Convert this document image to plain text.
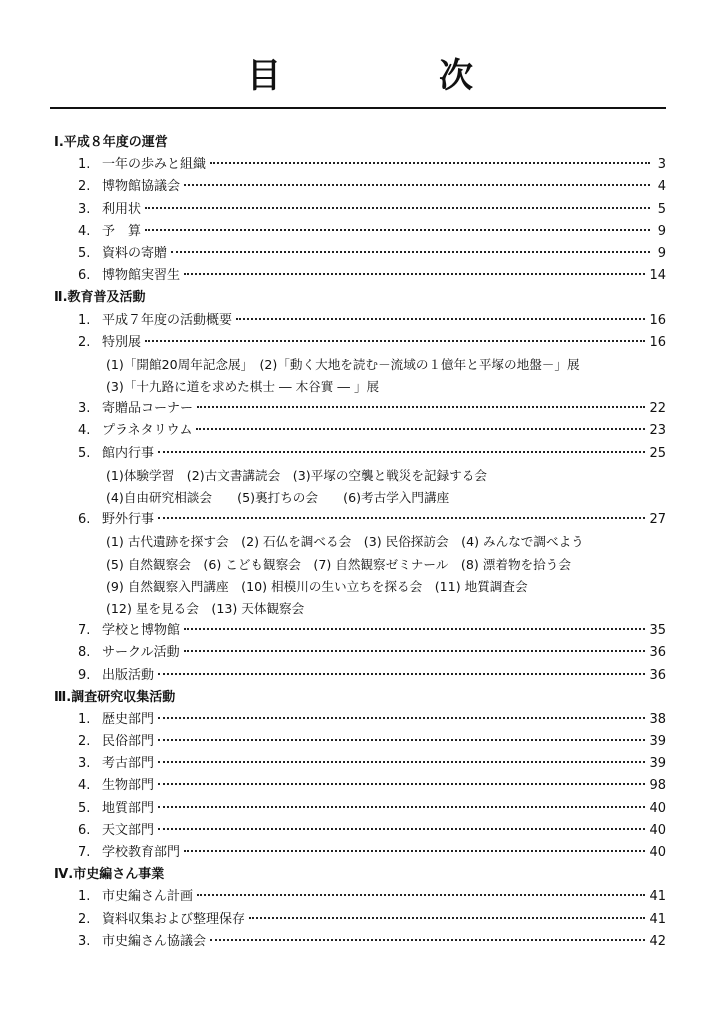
目　次
Ⅰ.平成８年度の運営
1. 一年の歩みと組織	3
2. 博物館協議会	4
3. 利用状	5
4. 予　算	9
5. 資料の寄贈	9
6. 博物館実習生	14
Ⅱ.教育普及活動
1. 平成７年度の活動概要	16
2. 特別展	16
(1)「開館20周年記念展」　(2)「動く大地を読む－流域の１億年と平塚の地盤－」展
(3)「十九路に道を求めた棋士 ― 木谷實 ― 」展
3. 寄贈品コーナー	22
4. プラネタリウム	23
5. 館内行事	25
(1)体験学習　(2)古文書講読会　(3)平塚の空襲と戦災を記録する会
(4)自由研究相談会　　(5)裏打ちの会　　(6)考古学入門講座
6. 野外行事	27
(1) 古代遺跡を探す会　(2) 石仏を調べる会　(3) 民俗探訪会　(4) みんなで調べよう
(5) 自然観察会　(6) こども観察会　(7) 自然観察ゼミナール　(8) 漂着物を拾う会
(9) 自然観察入門講座　(10) 相模川の生い立ちを探る会　(11) 地質調査会
(12) 星を見る会　(13) 天体観察会
7. 学校と博物館	35
8. サークル活動	36
9. 出版活動	36
Ⅲ.調査研究収集活動
1. 歴史部門	38
2. 民俗部門	39
3. 考古部門	39
4. 生物部門	98
5. 地質部門	40
6. 天文部門	40
7. 学校教育部門	40
Ⅳ.市史編さん事業
1. 市史編さん計画	41
2. 資料収集および整理保存	41
3. 市史編さん協議会	42
